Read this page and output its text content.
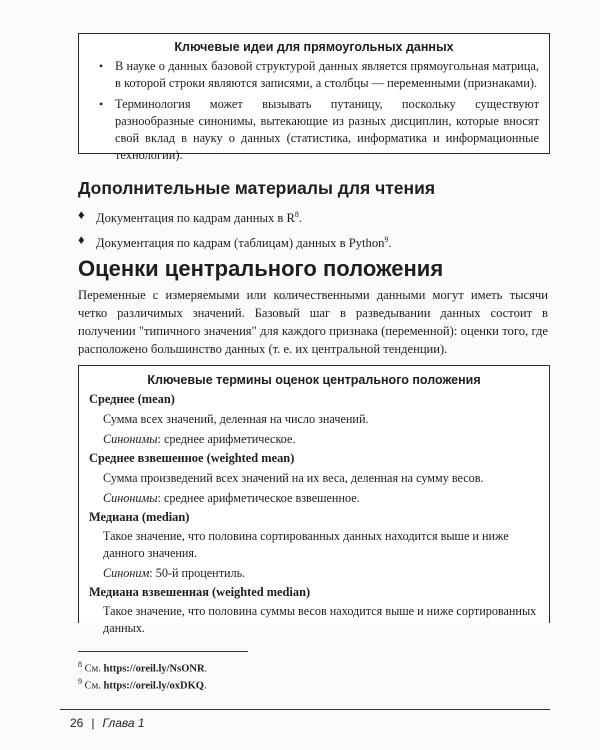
Ключевые идеи для прямоугольных данных

• В науке о данных базовой структурой данных является прямоугольная матрица, в которой строки являются записями, а столбцы — переменными (признаками).
• Терминология может вызывать путаницу, поскольку существуют разнообразные синонимы, вытекающие из разных дисциплин, которые вносят свой вклад в науку о данных (статистика, информатика и информационные технологии).
Дополнительные материалы для чтения
♦ Документация по кадрам данных в $R^8$.
♦ Документация по кадрам (таблицам) данных в Python$^9$.
Оценки центрального положения

Переменные с измеряемыми или количественными данными могут иметь тысячи четко различимых значений. Базовый шаг в разведывании данных состоит в получении "типичного значения" для каждого признака (переменной): оценки того, где расположено большинство данных (т. е. их центральной тенденции).

Ключевые термины оценок центрального положения

Среднее (mean)

Сумма всех значений, деленная на число значений.

Синонимы: среднее арифметическое.

Среднее взвешенное (weighted mean)

Сумма произведений всех значений на их веса, деленная на сумму весов.

Синонимы: среднее арифметическое взвешенное.

Медиана (median)

Такое значение, что половина сортированных данных находится выше и ниже данного значения.

Синоним: 50-й процентиль.

Медиана взвешенная (weighted median)

Такое значение, что половина суммы весов находится выше и ниже сортированных данных.

$^8$ См. https://oreil.ly/NsONR.
$^9$ См. https://oreil.ly/oxDKQ.
26 | Глава 1
